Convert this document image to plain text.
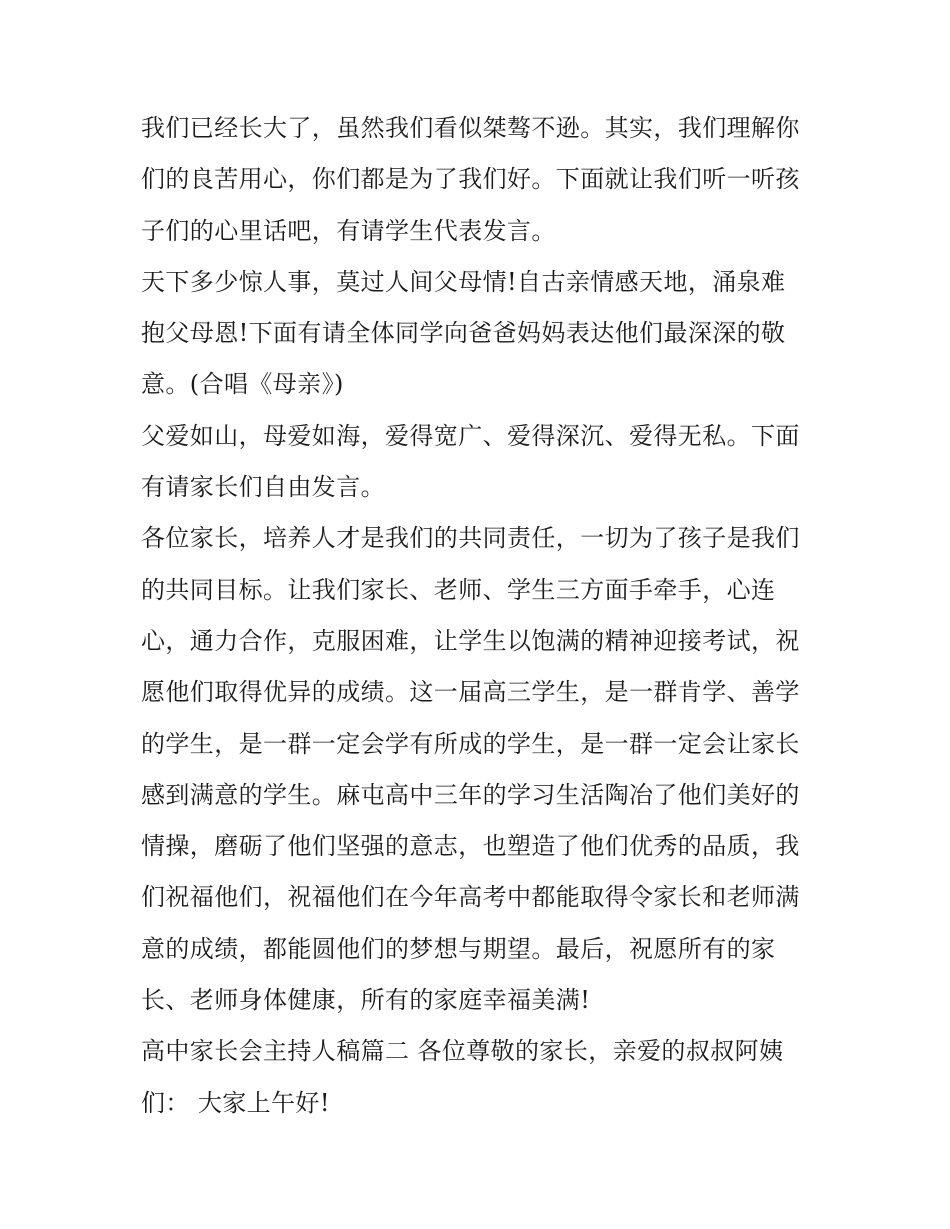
我们已经长大了，虽然我们看似桀骜不逊。其实，我们理解你
们的良苦用心，你们都是为了我们好。下面就让我们听一听孩
子们的心里话吧，有请学生代表发言。
天下多少惊人事，莫过人间父母情!自古亲情感天地，涌泉难
抱父母恩!下面有请全体同学向爸爸妈妈表达他们最深深的敬
意。(合唱《母亲》)
父爱如山，母爱如海，爱得宽广、爱得深沉、爱得无私。下面
有请家长们自由发言。
各位家长，培养人才是我们的共同责任，一切为了孩子是我们
的共同目标。让我们家长、老师、学生三方面手牵手，心连
心，通力合作，克服困难，让学生以饱满的精神迎接考试，祝
愿他们取得优异的成绩。这一届高三学生，是一群肯学、善学
的学生，是一群一定会学有所成的学生，是一群一定会让家长
感到满意的学生。麻屯高中三年的学习生活陶冶了他们美好的
情操，磨砺了他们坚强的意志，也塑造了他们优秀的品质，我
们祝福他们，祝福他们在今年高考中都能取得令家长和老师满
意的成绩，都能圆他们的梦想与期望。最后，祝愿所有的家
长、老师身体健康，所有的家庭幸福美满!
高中家长会主持人稿篇二 各位尊敬的家长，亲爱的叔叔阿姨
们： 大家上午好!
